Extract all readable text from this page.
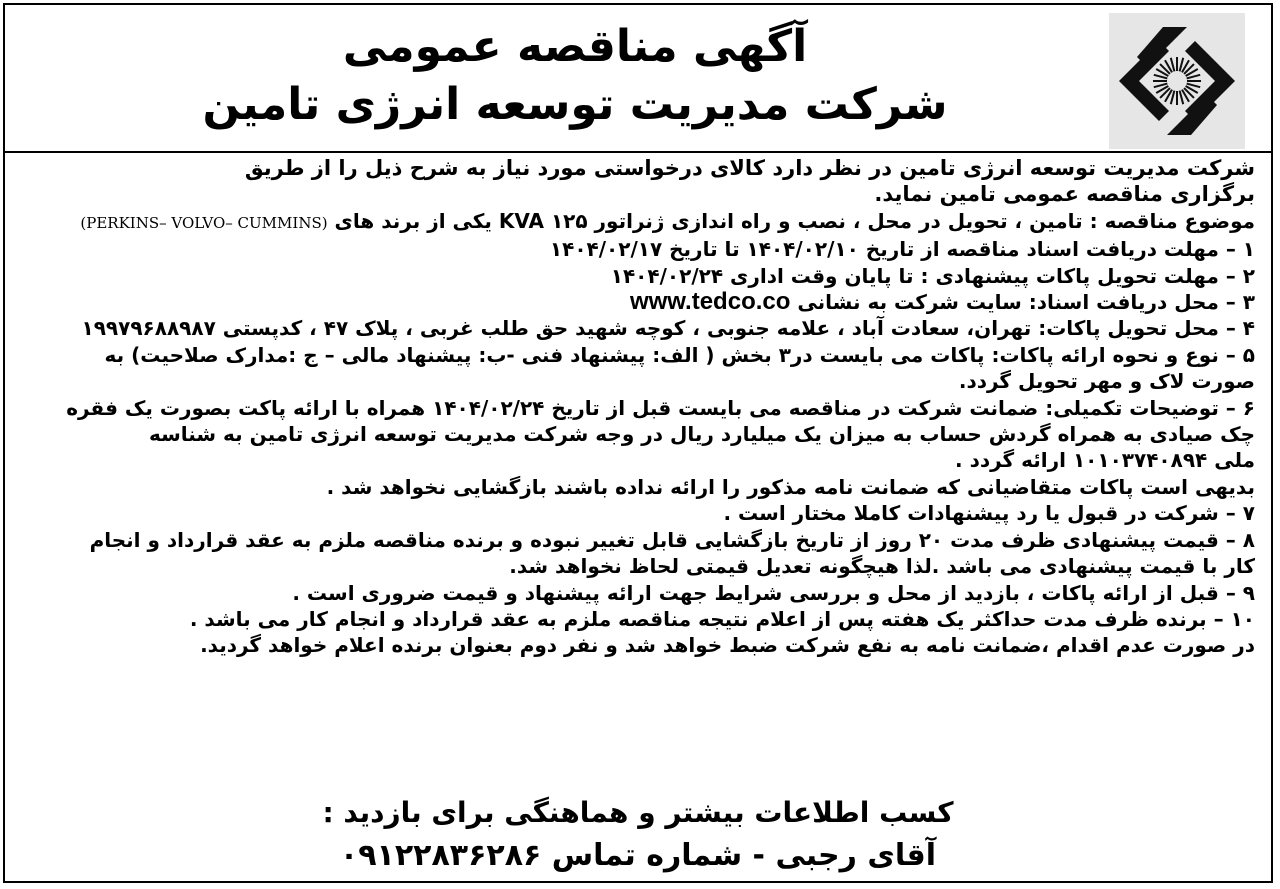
آگهی مناقصه عمومی
شرکت مدیریت توسعه انرژی تامین
شرکت مدیریت توسعه انرژی تامین در نظر دارد کالای درخواستی مورد نیاز به شرح ذیل را از طریق
برگزاری مناقصه عمومی تامین نماید.
موضوع مناقصه : تامین ، تحویل در محل ، نصب و راه اندازی ژنراتور ۱۲۵ KVA یکی از برند های (PERKINS– VOLVO– CUMMINS)
۱ – مهلت دریافت اسناد مناقصه از تاریخ ۱۴۰۴/۰۲/۱۰ تا تاریخ ۱۴۰۴/۰۲/۱۷
۲ – مهلت تحویل پاکات پیشنهادی : تا پایان وقت اداری ۱۴۰۴/۰۲/۲۴
۳ – محل دریافت اسناد: سایت شرکت به نشانی www.tedco.co
۴ – محل تحویل پاکات: تهران، سعادت آباد ، علامه جنوبی ، کوچه شهید حق طلب غربی ، پلاک ۴۷ ، کدپستی ۱۹۹۷۹۶۸۸۹۸۷
۵ – نوع و نحوه ارائه پاکات: پاکات می بایست در۳ بخش ( الف: پیشنهاد فنی -ب: پیشنهاد مالی – ج :مدارک صلاحیت) به
صورت لاک و مهر تحویل گردد.
۶ – توضیحات تکمیلی: ضمانت شرکت در مناقصه می بایست قبل از تاریخ ۱۴۰۴/۰۲/۲۴ همراه با ارائه پاکت بصورت یک فقره
چک صیادی به همراه گردش حساب به میزان یک میلیارد ریال در وجه شرکت مدیریت توسعه انرژی تامین به شناسه
ملی ۱۰۱۰۳۷۴۰۸۹۴ ارائه گردد .
بدیهی است پاکات متقاضیانی که ضمانت نامه مذکور را ارائه نداده باشند بازگشایی نخواهد شد .
۷ – شرکت در قبول یا رد پیشنهادات کاملا مختار است .
۸ – قیمت پیشنهادی ظرف مدت ۲۰ روز از تاریخ بازگشایی قابل تغییر نبوده و برنده مناقصه ملزم به عقد قرارداد و انجام
کار با قیمت پیشنهادی می باشد .لذا هیچگونه تعدیل قیمتی لحاظ نخواهد شد.
۹ – قبل از ارائه پاکات ، بازدید از محل و بررسی شرایط جهت ارائه پیشنهاد و قیمت ضروری است .
۱۰ – برنده ظرف مدت حداکثر یک هفته پس از اعلام نتیجه مناقصه ملزم به عقد قرارداد و انجام کار می باشد .
در صورت عدم اقدام ،ضمانت نامه به نفع شرکت ضبط خواهد شد و نفر دوم بعنوان برنده اعلام خواهد گردید.
کسب اطلاعات بیشتر و هماهنگی برای بازدید :
آقای رجبی - شماره تماس ۰۹۱۲۲۸۳۶۲۸۶
